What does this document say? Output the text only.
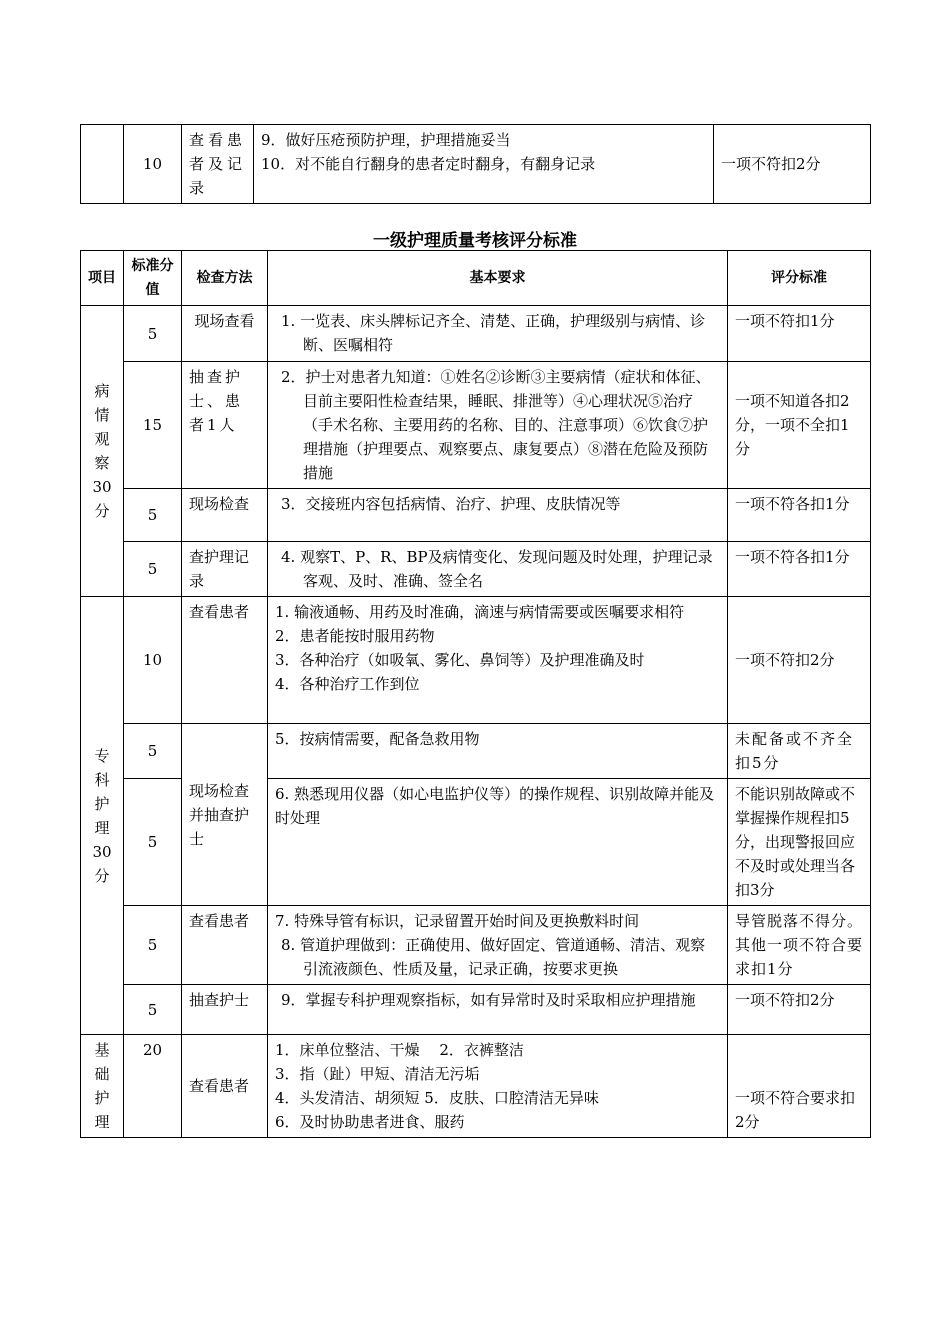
	10	查看患者及记录	
9．做好压疮预防护理，护理措施妥当
10．对不能自行翻身的患者定时翻身，有翻身记录	一项不符扣2分
一级护理质量考核评分标准
项目	标准分值	检查方法	基本要求	评分标准
病情观察30分	5	现场查看	1. 一览表、床头牌标记齐全、清楚、正确，护理级别与病情、诊断、医嘱相符	一项不符扣1分
	15	抽查护士、患者1人	2．护士对患者九知道：①姓名②诊断③主要病情（症状和体征、目前主要阳性检查结果，睡眠、排泄等）④心理状况⑤治疗（手术名称、主要用药的名称、目的、注意事项）⑥饮食⑦护理措施（护理要点、观察要点、康复要点）⑧潜在危险及预防措施	一项不知道各扣2分，一项不全扣1分
	5	现场检查	3．交接班内容包括病情、治疗、护理、皮肤情况等	一项不符各扣1分
	5	查护理记录	4. 观察T、P、R、BP及病情变化、发现问题及时处理，护理记录客观、及时、准确、签全名	一项不符各扣1分
专科护理30分	10	查看患者	1. 输液通畅、用药及时准确，滴速与病情需要或医嘱要求相符
2．患者能按时服用药物
3．各种治疗（如吸氧、雾化、鼻饲等）及护理准确及时
4．各种治疗工作到位	一项不符扣2分
	5	现场检查并抽查护士	5．按病情需要，配备急救用物	未配备或不齐全扣5分
	5		6. 熟悉现用仪器（如心电监护仪等）的操作规程、识别故障并能及时处理	不能识别故障或不掌握操作规程扣5分，出现警报回应不及时或处理当各扣3分
	5	查看患者	7. 特殊导管有标识，记录留置开始时间及更换敷料时间
8. 管道护理做到：正确使用、做好固定、管道通畅、清洁、观察引流液颜色、性质及量，记录正确，按要求更换	导管脱落不得分。其他一项不符合要求扣1分
	5	抽查护士	9．掌握专科护理观察指标，如有异常时及时采取相应护理措施	一项不符扣2分
基础护理	20	查看患者	1．床单位整洁、干燥　 2．衣裤整洁
3．指（趾）甲短、清洁无污垢
4．头发清洁、胡须短 5．皮肤、口腔清洁无异味
6．及时协助患者进食、服药	一项不符合要求扣2分
